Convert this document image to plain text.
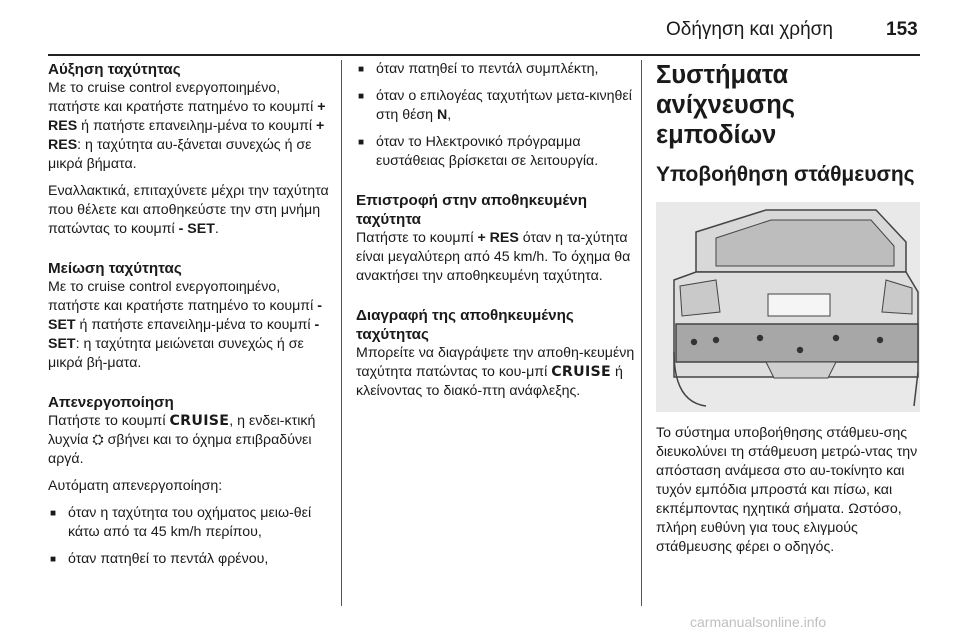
Οδήγηση και χρήση	153
Αύξηση ταχύτητας

Με το cruise control ενεργοποιημένο, πατήστε και κρατήστε πατημένο το κουμπί + RES ή πατήστε επανειλημ-μένα το κουμπί + RES: η ταχύτητα αυ-ξάνεται συνεχώς ή σε μικρά βήματα.

Εναλλακτικά, επιταχύνετε μέχρι την ταχύτητα που θέλετε και αποθηκεύστε την στη μνήμη πατώντας το κουμπί - SET.

Μείωση ταχύτητας

Με το cruise control ενεργοποιημένο, πατήστε και κρατήστε πατημένο το κουμπί - SET ή πατήστε επανειλημ-μένα το κουμπί - SET: η ταχύτητα μειώνεται συνεχώς ή σε μικρά βή-ματα.

Απενεργοποίηση

Πατήστε το κουμπί CRUISE, η ενδει-κτική λυχνία ⛭ σβήνει και το όχημα επιβραδύνει αργά.

Αυτόματη απενεργοποίηση:

■ όταν η ταχύτητα του οχήματος μειω-θεί κάτω από τα 45 km/h περίπου,
■ όταν πατηθεί το πεντάλ φρένου,
■ όταν πατηθεί το πεντάλ συμπλέκτη,
■ όταν ο επιλογέας ταχυτήτων μετα-κινηθεί στη θέση N,
■ όταν το Ηλεκτρονικό πρόγραμμα ευστάθειας βρίσκεται σε λειτουργία.
Επιστροφή στην αποθηκευμένη ταχύτητα

Πατήστε το κουμπί + RES όταν η τα-χύτητα είναι μεγαλύτερη από 45 km/h. Το όχημα θα ανακτήσει την αποθηκευμένη ταχύτητα.

Διαγραφή της αποθηκευμένης ταχύτητας

Μπορείτε να διαγράψετε την αποθη-κευμένη ταχύτητα πατώντας το κου-μπί CRUISE ή κλείνοντας το διακό-πτη ανάφλεξης.

Συστήματα ανίχνευσης εμποδίων
Υποβοήθηση στάθμευσης

Το σύστημα υποβοήθησης στάθμευ-σης διευκολύνει τη στάθμευση μετρώ-ντας την απόσταση ανάμεσα στο αυ-τοκίνητο και τυχόν εμπόδια μπροστά και πίσω, και εκπέμποντας ηχητικά σήματα. Ωστόσο, πλήρη ευθύνη για τους ελιγμούς στάθμευσης φέρει ο οδηγός.

carmanualsonline.info
